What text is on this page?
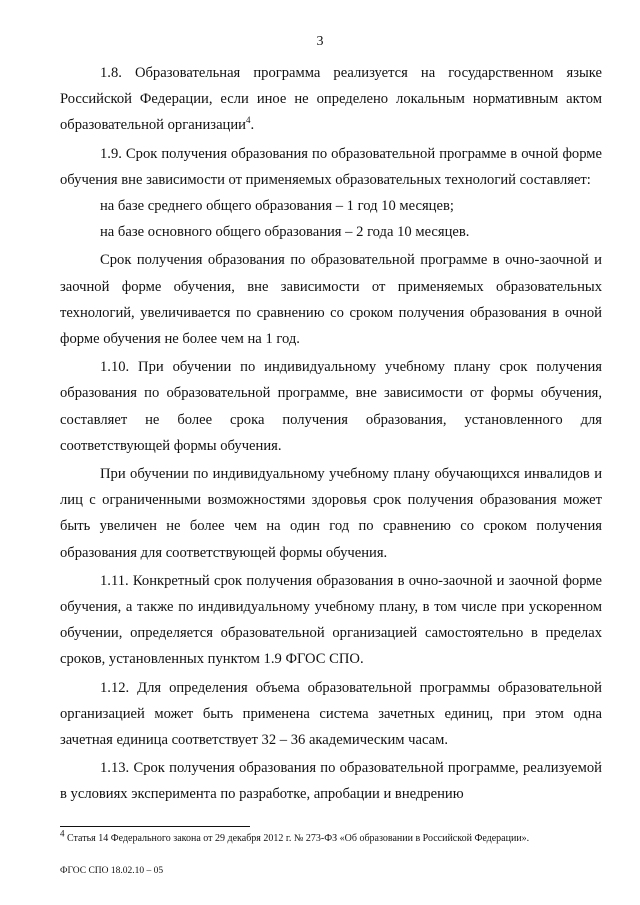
3

1.8. Образовательная программа реализуется на государственном языке Российской Федерации, если иное не определено локальным нормативным актом образовательной организации$^4$.

1.9. Срок получения образования по образовательной программе в очной форме обучения вне зависимости от применяемых образовательных технологий составляет:

на базе среднего общего образования – 1 год 10 месяцев;

на базе основного общего образования – 2 года 10 месяцев.

Срок получения образования по образовательной программе в очно-заочной и заочной форме обучения, вне зависимости от применяемых образовательных технологий, увеличивается по сравнению со сроком получения образования в очной форме обучения не более чем на 1 год.

1.10. При обучении по индивидуальному учебному плану срок получения образования по образовательной программе, вне зависимости от формы обучения, составляет не более срока получения образования, установленного для соответствующей формы обучения.

При обучении по индивидуальному учебному плану обучающихся инвалидов и лиц с ограниченными возможностями здоровья срок получения образования может быть увеличен не более чем на один год по сравнению со сроком получения образования для соответствующей формы обучения.

1.11. Конкретный срок получения образования в очно-заочной и заочной форме обучения, а также по индивидуальному учебному плану, в том числе при ускоренном обучении, определяется образовательной организацией самостоятельно в пределах сроков, установленных пунктом 1.9 ФГОС СПО.

1.12. Для определения объема образовательной программы образовательной организацией может быть применена система зачетных единиц, при этом одна зачетная единица соответствует 32 – 36 академическим часам.

1.13. Срок получения образования по образовательной программе, реализуемой в условиях эксперимента по разработке, апробации и внедрению

$^4$ Статья 14 Федерального закона от 29 декабря 2012 г. № 273-ФЗ «Об образовании в Российской Федерации».
ФГОС СПО 18.02.10 – 05
